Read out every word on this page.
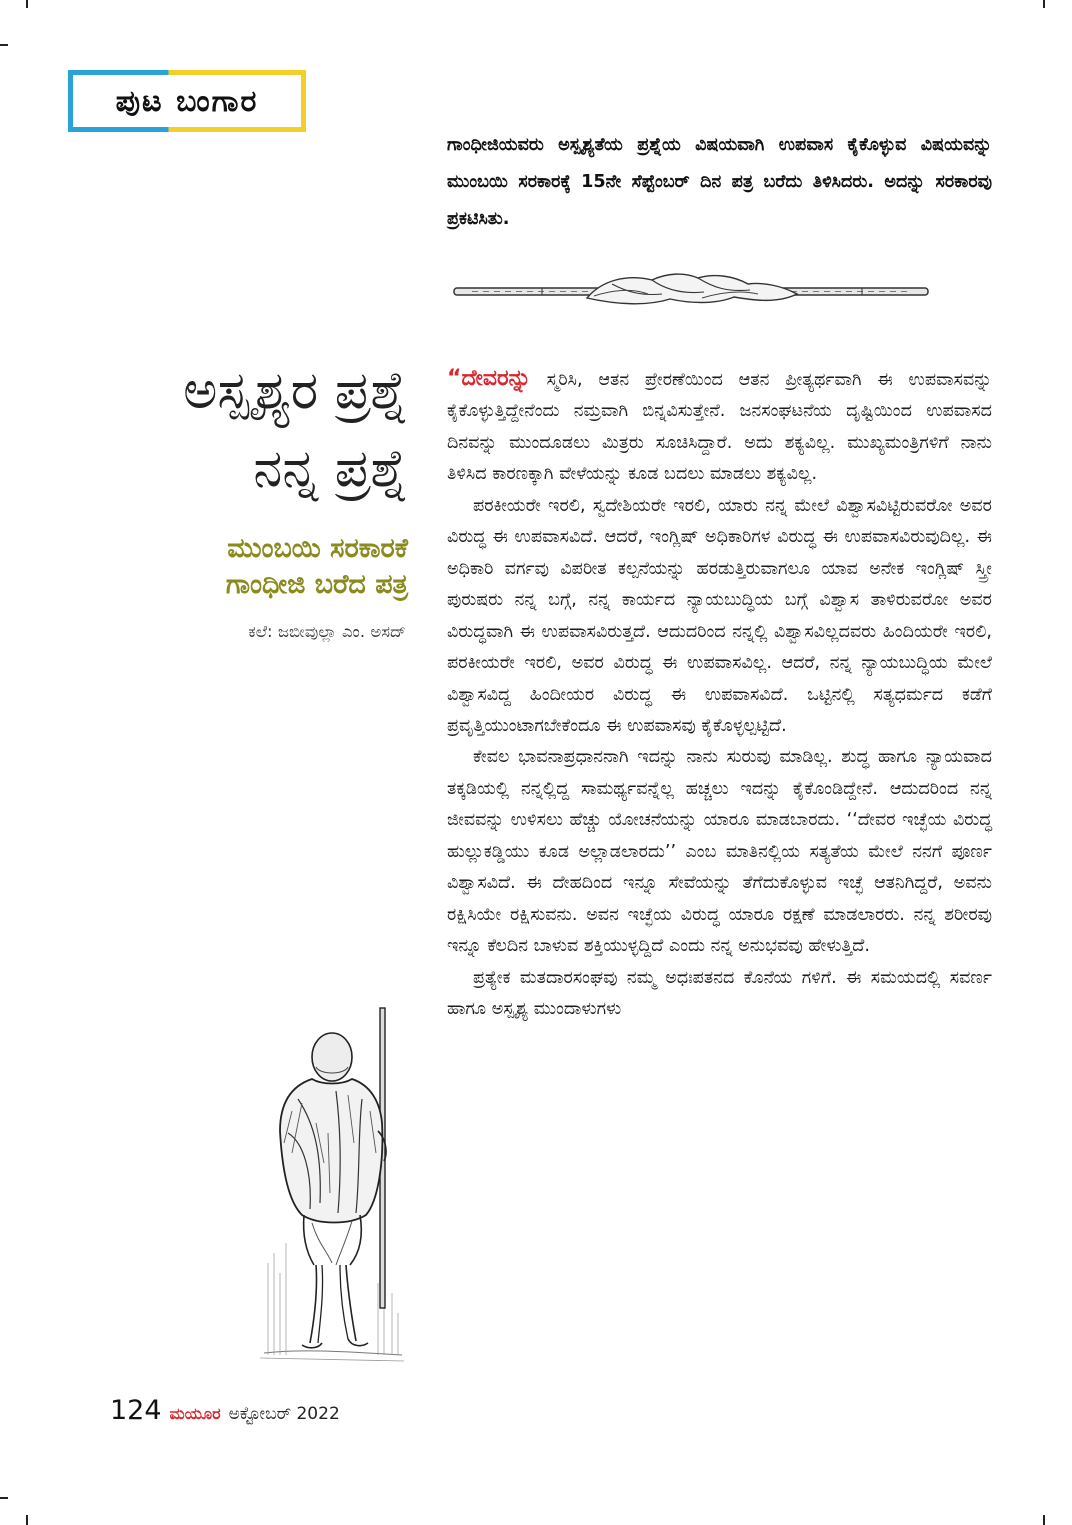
ಪುಟ ಬಂಗಾರ
ಗಾಂಧೀಜಿಯವರು ಅಸ್ಪೃಶ್ಯತೆಯ ಪ್ರಶ್ನೆಯ ವಿಷಯವಾಗಿ ಉಪವಾಸ ಕೈಕೊಳ್ಳುವ ವಿಷಯವನ್ನು ಮುಂಬಯಿ ಸರಕಾರಕ್ಕೆ 15ನೇ ಸೆಪ್ಟೆಂಬರ್ ದಿನ ಪತ್ರ ಬರೆದು ತಿಳಿಸಿದರು. ಅದನ್ನು ಸರಕಾರವು ಪ್ರಕಟಿಸಿತು.
ಅಸ್ಪೃಶ್ಯರ ಪ್ರಶ್ನೆ
ನನ್ನ ಪ್ರಶ್ನೆ
ಮುಂಬಯಿ ಸರಕಾರಕೆ
ಗಾಂಧೀಜಿ ಬರೆದ ಪತ್ರ
ಕಲೆ: ಜಬೀವುಲ್ಲಾ ಎಂ. ಅಸದ್

“ದೇವರನ್ನು ಸ್ಮರಿಸಿ, ಆತನ ಪ್ರೇರಣೆಯಿಂದ ಆತನ ಪ್ರೀತ್ಯರ್ಥವಾಗಿ ಈ ಉಪವಾಸವನ್ನು ಕೈಕೊಳ್ಳುತ್ತಿದ್ದೇನೆಂದು ನಮ್ರವಾಗಿ ಬಿನ್ನವಿಸುತ್ತೇನೆ. ಜನಸಂಘಟನೆಯ ದೃಷ್ಟಿಯಿಂದ ಉಪವಾಸದ ದಿನವನ್ನು ಮುಂದೂಡಲು ಮಿತ್ರರು ಸೂಚಿಸಿದ್ದಾರೆ. ಅದು ಶಕ್ಯವಿಲ್ಲ. ಮುಖ್ಯಮಂತ್ರಿಗಳಿಗೆ ನಾನು ತಿಳಿಸಿದ ಕಾರಣಕ್ಕಾಗಿ ವೇಳೆಯನ್ನು ಕೂಡ ಬದಲು ಮಾಡಲು ಶಕ್ಯವಿಲ್ಲ.

ಪರಕೀಯರೇ ಇರಲಿ, ಸ್ವದೇಶಿಯರೇ ಇರಲಿ, ಯಾರು ನನ್ನ ಮೇಲೆ ವಿಶ್ವಾಸವಿಟ್ಟಿರುವರೋ ಅವರ ವಿರುದ್ಧ ಈ ಉಪವಾಸವಿದೆ. ಆದರೆ, ಇಂಗ್ಲಿಷ್ ಅಧಿಕಾರಿಗಳ ವಿರುದ್ಧ ಈ ಉಪವಾಸವಿರುವುದಿಲ್ಲ. ಈ ಅಧಿಕಾರಿ ವರ್ಗವು ವಿಪರೀತ ಕಲ್ಪನೆಯನ್ನು ಹರಡುತ್ತಿರುವಾಗಲೂ ಯಾವ ಅನೇಕ ಇಂಗ್ಲಿಷ್ ಸ್ತ್ರೀ ಪುರುಷರು ನನ್ನ ಬಗ್ಗೆ, ನನ್ನ ಕಾರ್ಯದ ನ್ಯಾಯಬುದ್ಧಿಯ ಬಗ್ಗೆ ವಿಶ್ವಾಸ ತಾಳಿರುವರೋ ಅವರ ವಿರುದ್ಧವಾಗಿ ಈ ಉಪವಾಸವಿರುತ್ತದೆ. ಆದುದರಿಂದ ನನ್ನಲ್ಲಿ ವಿಶ್ವಾಸವಿಲ್ಲದವರು ಹಿಂದಿಯರೇ ಇರಲಿ, ಪರಕೀಯರೇ ಇರಲಿ, ಅವರ ವಿರುದ್ಧ ಈ ಉಪವಾಸವಿಲ್ಲ. ಆದರೆ, ನನ್ನ ನ್ಯಾಯಬುದ್ಧಿಯ ಮೇಲೆ ವಿಶ್ವಾಸವಿದ್ದ ಹಿಂದೀಯರ ವಿರುದ್ಧ ಈ ಉಪವಾಸವಿದೆ. ಒಟ್ಟಿನಲ್ಲಿ ಸತ್ಯಧರ್ಮದ ಕಡೆಗೆ ಪ್ರವೃತ್ತಿಯುಂಟಾಗಬೇಕೆಂದೂ ಈ ಉಪವಾಸವು ಕೈಕೊಳ್ಳಲ್ಪಟ್ಟಿದೆ.

ಕೇವಲ ಭಾವನಾಪ್ರಧಾನನಾಗಿ ಇದನ್ನು ನಾನು ಸುರುವು ಮಾಡಿಲ್ಲ. ಶುದ್ಧ ಹಾಗೂ ನ್ಯಾಯವಾದ ತಕ್ಕಡಿಯಲ್ಲಿ ನನ್ನಲ್ಲಿದ್ದ ಸಾಮರ್ಥ್ಯವನ್ನೆಲ್ಲ ಹಚ್ಚಲು ಇದನ್ನು ಕೈಕೊಂಡಿದ್ದೇನೆ. ಆದುದರಿಂದ ನನ್ನ ಜೀವವನ್ನು ಉಳಿಸಲು ಹೆಚ್ಚು ಯೋಚನೆಯನ್ನು ಯಾರೂ ಮಾಡಬಾರದು. ‘‘ದೇವರ ಇಚ್ಛೆಯ ವಿರುದ್ಧ ಹುಲ್ಲುಕಡ್ಡಿಯು ಕೂಡ ಅಲ್ಲಾಡಲಾರದು’’ ಎಂಬ ಮಾತಿನಲ್ಲಿಯ ಸತ್ಯತೆಯ ಮೇಲೆ ನನಗೆ ಪೂರ್ಣ ವಿಶ್ವಾಸವಿದೆ. ಈ ದೇಹದಿಂದ ಇನ್ನೂ ಸೇವೆಯನ್ನು ತೆಗೆದುಕೊಳ್ಳುವ ಇಚ್ಛೆ ಆತನಿಗಿದ್ದರೆ, ಅವನು ರಕ್ಷಿಸಿಯೇ ರಕ್ಷಿಸುವನು. ಅವನ ಇಚ್ಛೆಯ ವಿರುದ್ಧ ಯಾರೂ ರಕ್ಷಣೆ ಮಾಡಲಾರರು. ನನ್ನ ಶರೀರವು ಇನ್ನೂ ಕೆಲದಿನ ಬಾಳುವ ಶಕ್ತಿಯುಳ್ಳದ್ದಿದೆ ಎಂದು ನನ್ನ ಅನುಭವವು ಹೇಳುತ್ತಿದೆ.

ಪ್ರತ್ಯೇಕ ಮತದಾರಸಂಘವು ನಮ್ಮ ಅಧಃಪತನದ ಕೊನೆಯ ಗಳಿಗೆ. ಈ ಸಮಯದಲ್ಲಿ ಸವರ್ಣ ಹಾಗೂ ಅಸ್ಪೃಶ್ಯ ಮುಂದಾಳುಗಳು

124 ಮಯೂರ ಅಕ್ಟೋಬರ್ 2022
